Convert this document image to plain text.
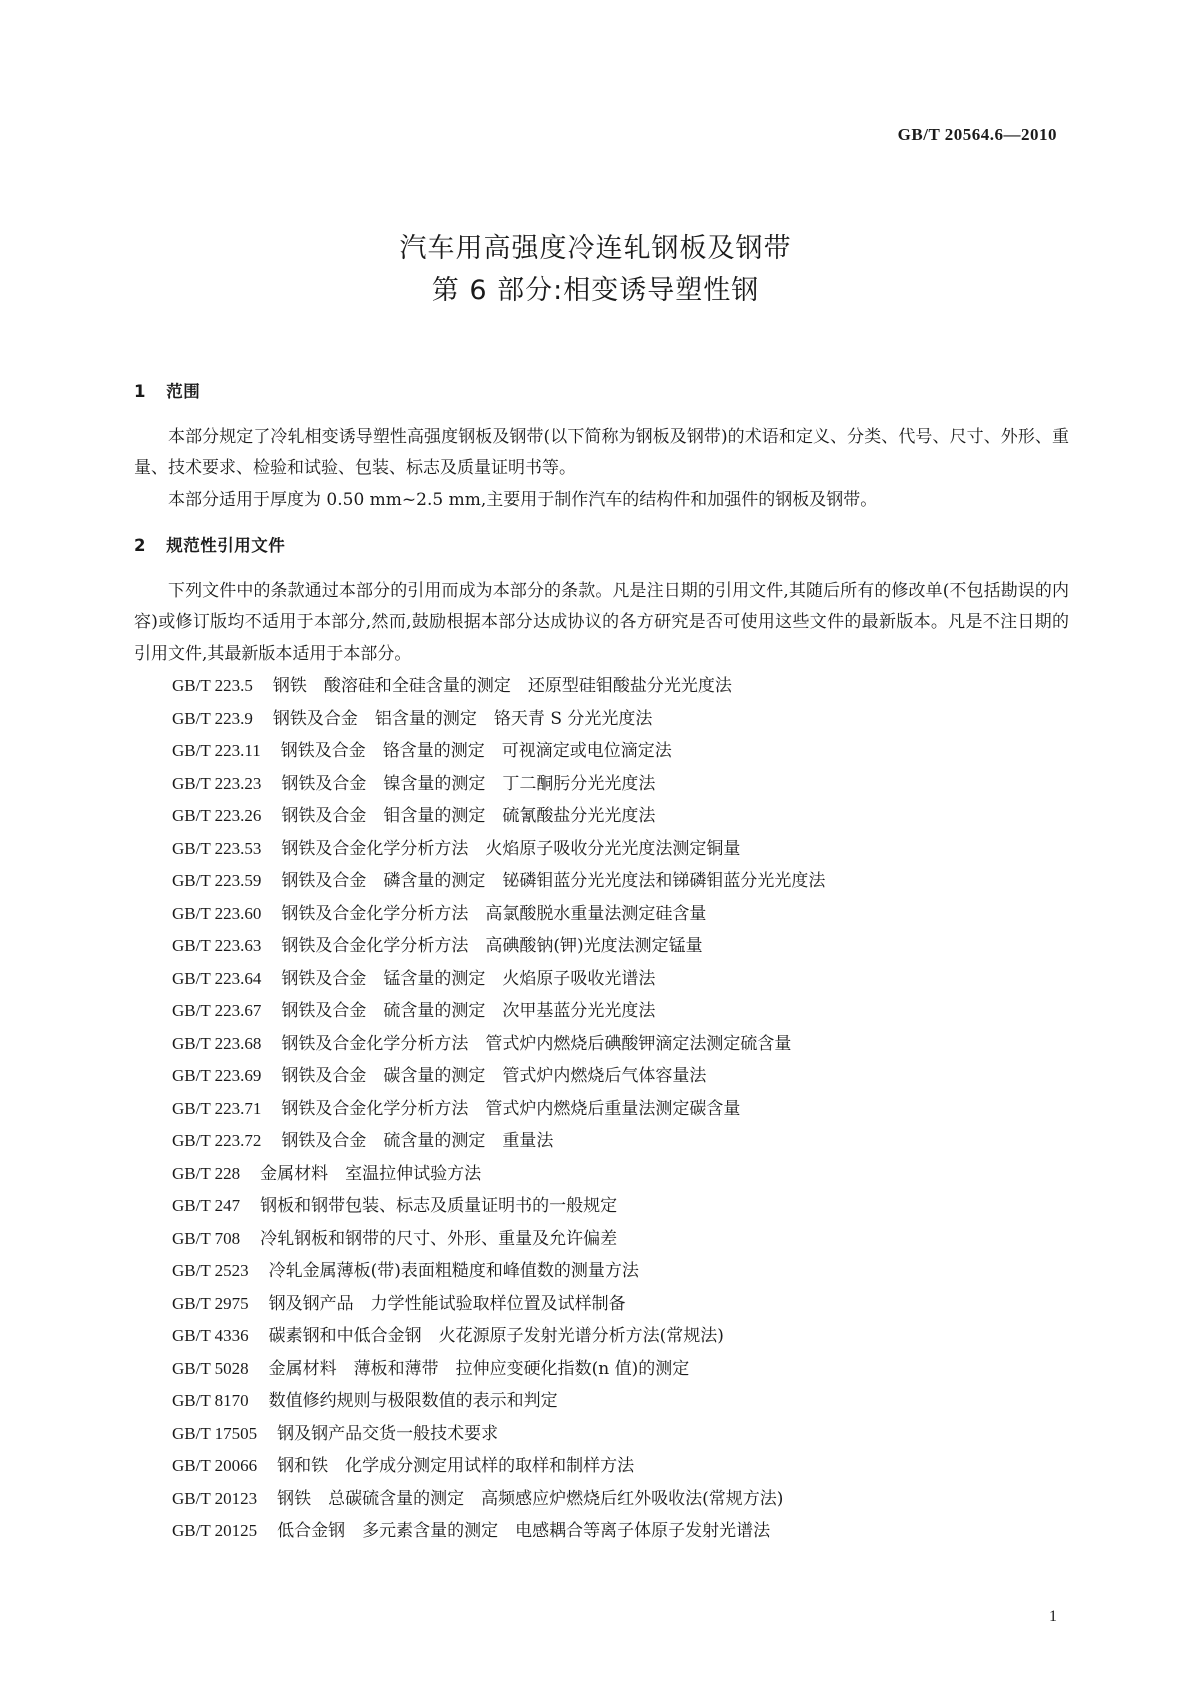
GB/T 20564.6—2010
汽车用高强度冷连轧钢板及钢带
第 6 部分:相变诱导塑性钢
1 范围

本部分规定了冷轧相变诱导塑性高强度钢板及钢带(以下简称为钢板及钢带)的术语和定义、分类、代号、尺寸、外形、重量、技术要求、检验和试验、包装、标志及质量证明书等。

本部分适用于厚度为 0.50 mm~2.5 mm,主要用于制作汽车的结构件和加强件的钢板及钢带。

2 规范性引用文件

下列文件中的条款通过本部分的引用而成为本部分的条款。凡是注日期的引用文件,其随后所有的修改单(不包括勘误的内容)或修订版均不适用于本部分,然而,鼓励根据本部分达成协议的各方研究是否可使用这些文件的最新版本。凡是不注日期的引用文件,其最新版本适用于本部分。

GB/T 223.5 钢铁　酸溶硅和全硅含量的测定　还原型硅钼酸盐分光光度法
GB/T 223.9 钢铁及合金　铝含量的测定　铬天青 S 分光光度法
GB/T 223.11 钢铁及合金　铬含量的测定　可视滴定或电位滴定法
GB/T 223.23 钢铁及合金　镍含量的测定　丁二酮肟分光光度法
GB/T 223.26 钢铁及合金　钼含量的测定　硫氰酸盐分光光度法
GB/T 223.53 钢铁及合金化学分析方法　火焰原子吸收分光光度法测定铜量
GB/T 223.59 钢铁及合金　磷含量的测定　铋磷钼蓝分光光度法和锑磷钼蓝分光光度法
GB/T 223.60 钢铁及合金化学分析方法　高氯酸脱水重量法测定硅含量
GB/T 223.63 钢铁及合金化学分析方法　高碘酸钠(钾)光度法测定锰量
GB/T 223.64 钢铁及合金　锰含量的测定　火焰原子吸收光谱法
GB/T 223.67 钢铁及合金　硫含量的测定　次甲基蓝分光光度法
GB/T 223.68 钢铁及合金化学分析方法　管式炉内燃烧后碘酸钾滴定法测定硫含量
GB/T 223.69 钢铁及合金　碳含量的测定　管式炉内燃烧后气体容量法
GB/T 223.71 钢铁及合金化学分析方法　管式炉内燃烧后重量法测定碳含量
GB/T 223.72 钢铁及合金　硫含量的测定　重量法
GB/T 228 金属材料　室温拉伸试验方法
GB/T 247 钢板和钢带包装、标志及质量证明书的一般规定
GB/T 708 冷轧钢板和钢带的尺寸、外形、重量及允许偏差
GB/T 2523 冷轧金属薄板(带)表面粗糙度和峰值数的测量方法
GB/T 2975 钢及钢产品　力学性能试验取样位置及试样制备
GB/T 4336 碳素钢和中低合金钢　火花源原子发射光谱分析方法(常规法)
GB/T 5028 金属材料　薄板和薄带　拉伸应变硬化指数(n 值)的测定
GB/T 8170 数值修约规则与极限数值的表示和判定
GB/T 17505 钢及钢产品交货一般技术要求
GB/T 20066 钢和铁　化学成分测定用试样的取样和制样方法
GB/T 20123 钢铁　总碳硫含量的测定　高频感应炉燃烧后红外吸收法(常规方法)
GB/T 20125 低合金钢　多元素含量的测定　电感耦合等离子体原子发射光谱法
1
